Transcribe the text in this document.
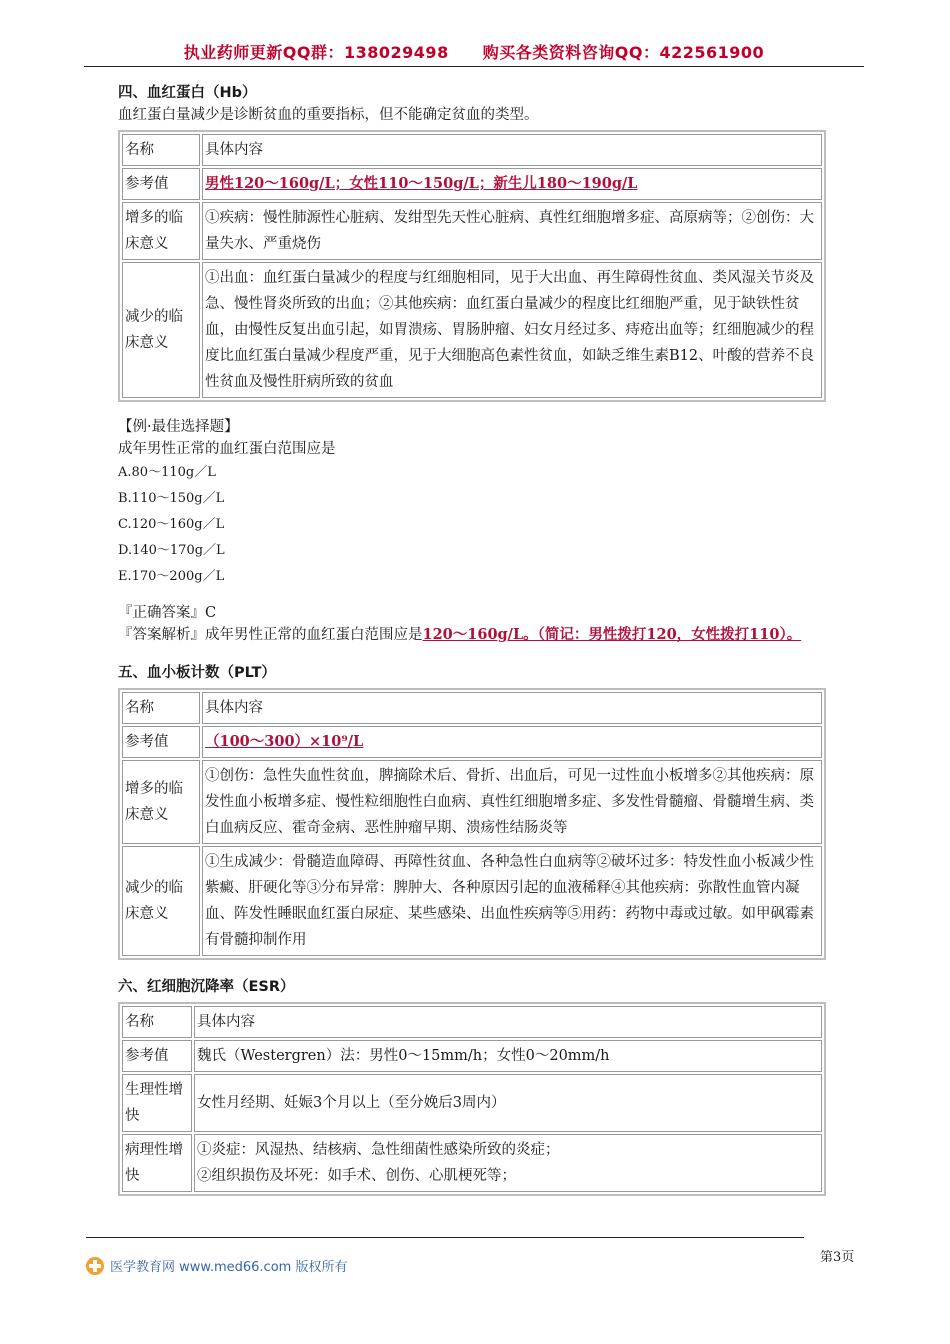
执业药师更新QQ群：138029498 购买各类资料咨询QQ：422561900

四、血红蛋白（Hb）

血红蛋白量减少是诊断贫血的重要指标，但不能确定贫血的类型。

名称	具体内容
参考值	男性120～160g/L；女性110～150g/L；新生儿180～190g/L
增多的临床意义	①疾病：慢性肺源性心脏病、发绀型先天性心脏病、真性红细胞增多症、高原病等；②创伤：大量失水、严重烧伤
减少的临床意义	①出血：血红蛋白量减少的程度与红细胞相同，见于大出血、再生障碍性贫血、类风湿关节炎及急、慢性肾炎所致的出血；②其他疾病：血红蛋白量减少的程度比红细胞严重，见于缺铁性贫血，由慢性反复出血引起，如胃溃疡、胃肠肿瘤、妇女月经过多、痔疮出血等；红细胞减少的程度比血红蛋白量减少程度严重，见于大细胞高色素性贫血，如缺乏维生素B12、叶酸的营养不良性贫血及慢性肝病所致的贫血

【例·最佳选择题】

成年男性正常的血红蛋白范围应是

A.80～110g／L

B.110～150g／L

C.120～160g／L

D.140～170g／L

E.170～200g／L

『正确答案』C

『答案解析』成年男性正常的血红蛋白范围应是120～160g/L。（简记：男性拨打120，女性拨打110）。

五、血小板计数（PLT）

名称	具体内容
参考值	（100～300）×10⁹/L
增多的临床意义	①创伤：急性失血性贫血，脾摘除术后、骨折、出血后，可见一过性血小板增多②其他疾病：原发性血小板增多症、慢性粒细胞性白血病、真性红细胞增多症、多发性骨髓瘤、骨髓增生病、类白血病反应、霍奇金病、恶性肿瘤早期、溃疡性结肠炎等
减少的临床意义	①生成减少：骨髓造血障碍、再障性贫血、各种急性白血病等②破坏过多：特发性血小板减少性紫癜、肝硬化等③分布异常：脾肿大、各种原因引起的血液稀释④其他疾病：弥散性血管内凝血、阵发性睡眠血红蛋白尿症、某些感染、出血性疾病等⑤用药：药物中毒或过敏。如甲砜霉素有骨髓抑制作用

六、红细胞沉降率（ESR）

名称	具体内容
参考值	魏氏（Westergren）法：男性0～15mm/h；女性0～20mm/h
生理性增快	女性月经期、妊娠3个月以上（至分娩后3周内）
病理性增快	①炎症：风湿热、结核病、急性细菌性感染所致的炎症；
②组织损伤及坏死：如手术、创伤、心肌梗死等；
医学教育网 www.med66.com 版权所有
第3页
